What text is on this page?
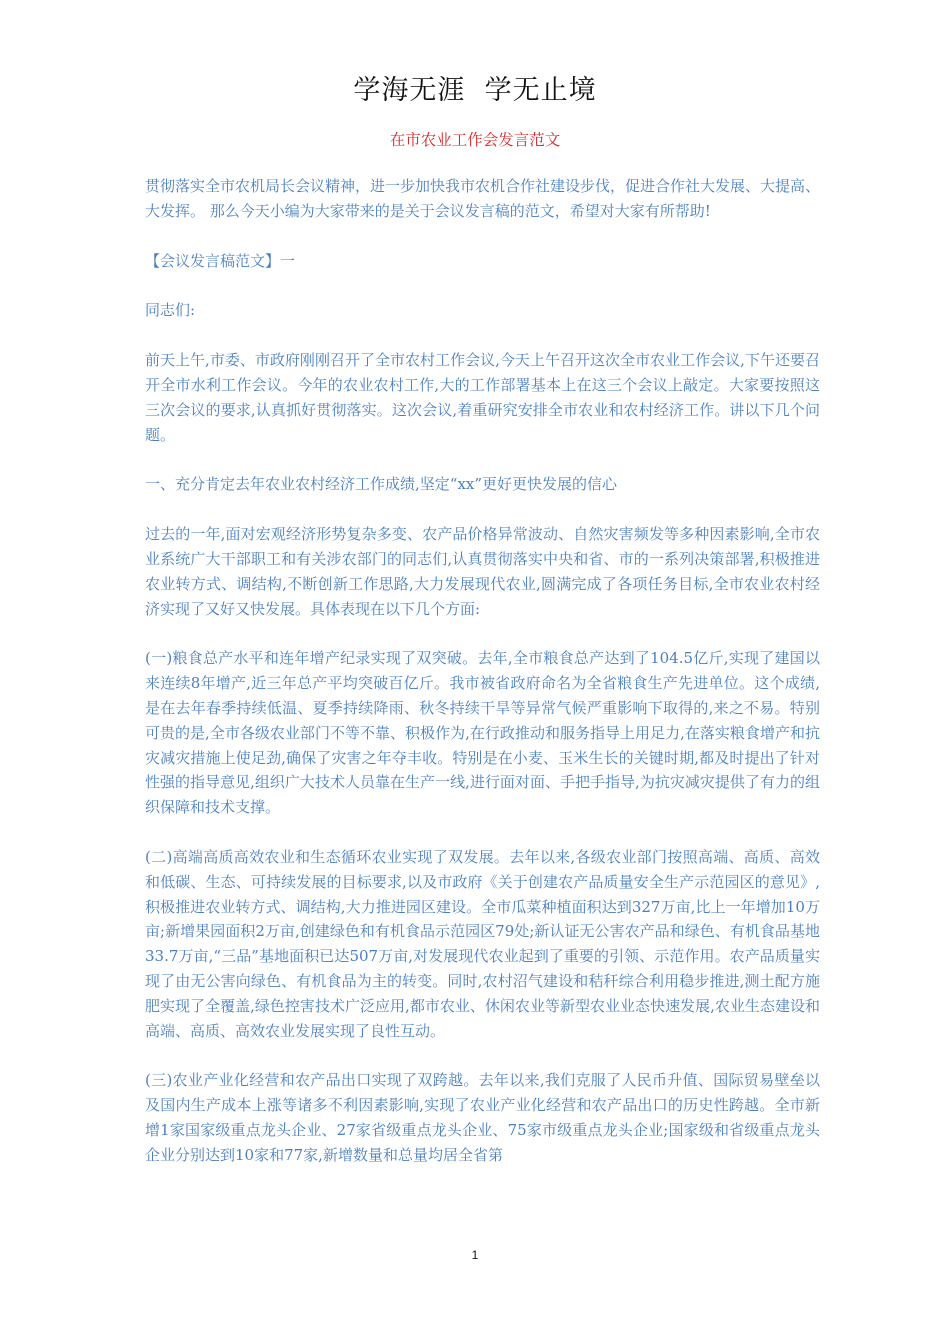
学海无涯  学无止境
在市农业工作会发言范文

贯彻落实全市农机局长会议精神，进一步加快我市农机合作社建设步伐，促进合作社大发展、大提高、大发挥。 那么今天小编为大家带来的是关于会议发言稿的范文，希望对大家有所帮助!

【会议发言稿范文】一

同志们:

前天上午,市委、市政府刚刚召开了全市农村工作会议,今天上午召开这次全市农业工作会议,下午还要召开全市水利工作会议。今年的农业农村工作,大的工作部署基本上在这三个会议上敲定。大家要按照这三次会议的要求,认真抓好贯彻落实。这次会议,着重研究安排全市农业和农村经济工作。讲以下几个问题。

一、充分肯定去年农业农村经济工作成绩,坚定“xx”更好更快发展的信心

过去的一年,面对宏观经济形势复杂多变、农产品价格异常波动、自然灾害频发等多种因素影响,全市农业系统广大干部职工和有关涉农部门的同志们,认真贯彻落实中央和省、市的一系列决策部署,积极推进农业转方式、调结构,不断创新工作思路,大力发展现代农业,圆满完成了各项任务目标,全市农业农村经济实现了又好又快发展。具体表现在以下几个方面:

(一)粮食总产水平和连年增产纪录实现了双突破。去年,全市粮食总产达到了104.5亿斤,实现了建国以来连续8年增产,近三年总产平均突破百亿斤。我市被省政府命名为全省粮食生产先进单位。这个成绩,是在去年春季持续低温、夏季持续降雨、秋冬持续干旱等异常气候严重影响下取得的,来之不易。特别可贵的是,全市各级农业部门不等不靠、积极作为,在行政推动和服务指导上用足力,在落实粮食增产和抗灾减灾措施上使足劲,确保了灾害之年夺丰收。特别是在小麦、玉米生长的关键时期,都及时提出了针对性强的指导意见,组织广大技术人员靠在生产一线,进行面对面、手把手指导,为抗灾减灾提供了有力的组织保障和技术支撑。

(二)高端高质高效农业和生态循环农业实现了双发展。去年以来,各级农业部门按照高端、高质、高效和低碳、生态、可持续发展的目标要求,以及市政府《关于创建农产品质量安全生产示范园区的意见》,积极推进农业转方式、调结构,大力推进园区建设。全市瓜菜种植面积达到327万亩,比上一年增加10万亩;新增果园面积2万亩,创建绿色和有机食品示范园区79处;新认证无公害农产品和绿色、有机食品基地33.7万亩,“三品”基地面积已达507万亩,对发展现代农业起到了重要的引领、示范作用。农产品质量实现了由无公害向绿色、有机食品为主的转变。同时,农村沼气建设和秸秆综合利用稳步推进,测土配方施肥实现了全覆盖,绿色控害技术广泛应用,都市农业、休闲农业等新型农业业态快速发展,农业生态建设和高端、高质、高效农业发展实现了良性互动。

(三)农业产业化经营和农产品出口实现了双跨越。去年以来,我们克服了人民币升值、国际贸易壁垒以及国内生产成本上涨等诸多不利因素影响,实现了农业产业化经营和农产品出口的历史性跨越。全市新增1家国家级重点龙头企业、27家省级重点龙头企业、75家市级重点龙头企业;国家级和省级重点龙头企业分别达到10家和77家,新增数量和总量均居全省第

1
